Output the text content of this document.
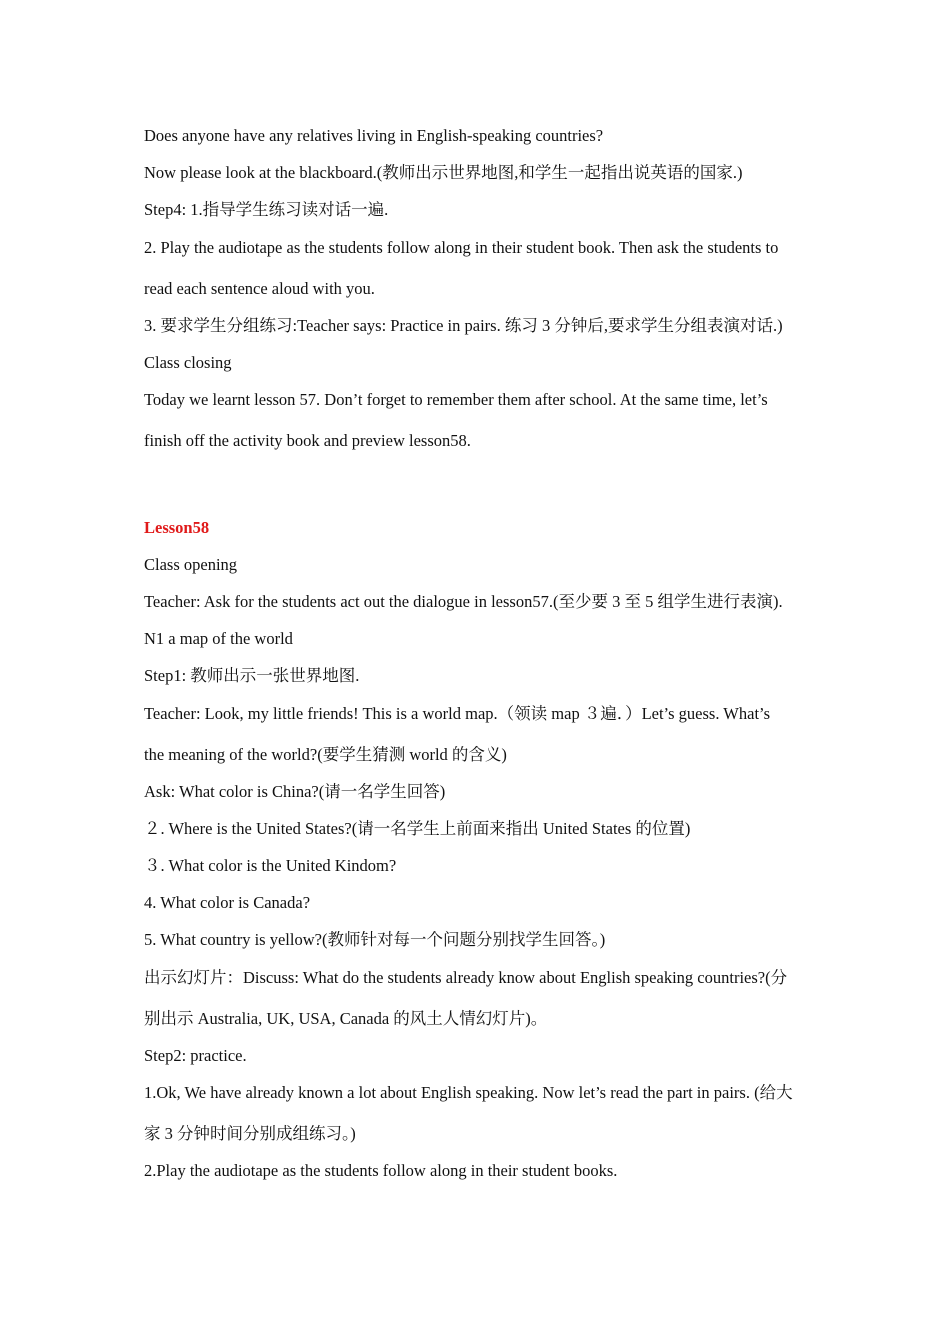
Does anyone have any relatives living in English-speaking countries?
Now please look at the blackboard.(教师出示世界地图,和学生一起指出说英语的国家.)
Step4: 1.指导学生练习读对话一遍.
2. Play the audiotape as the students follow along in their student book. Then ask the students to
read each sentence aloud with you.
3. 要求学生分组练习:Teacher says: Practice in pairs. 练习 3 分钟后,要求学生分组表演对话.)
Class closing
Today we learnt lesson 57. Don’t forget to remember them after school. At the same time, let’s
finish off the activity book and preview lesson58.
Lesson58
Class opening
Teacher: Ask for the students act out the dialogue in lesson57.(至少要 3 至 5 组学生进行表演).
N1 a map of the world
Step1: 教师出示一张世界地图.
Teacher: Look, my little friends! This is a world map.（领读 map ３遍．）Let’s guess. What’s
the meaning of the world?(要学生猜测 world 的含义)
Ask: What color is China?(请一名学生回答)
２. Where is the United States?(请一名学生上前面来指出 United States 的位置)
３. What color is the United Kindom?
4. What color is Canada?
5. What country is yellow?(教师针对每一个问题分别找学生回答。)
出示幻灯片：Discuss: What do the students already know about English speaking countries?(分
别出示 Australia, UK, USA, Canada 的风土人情幻灯片)。
Step2: practice.
1.Ok, We have already known a lot about English speaking. Now let’s read the part in pairs. (给大
家 3 分钟时间分别成组练习。)
2.Play the audiotape as the students follow along in their student books.
